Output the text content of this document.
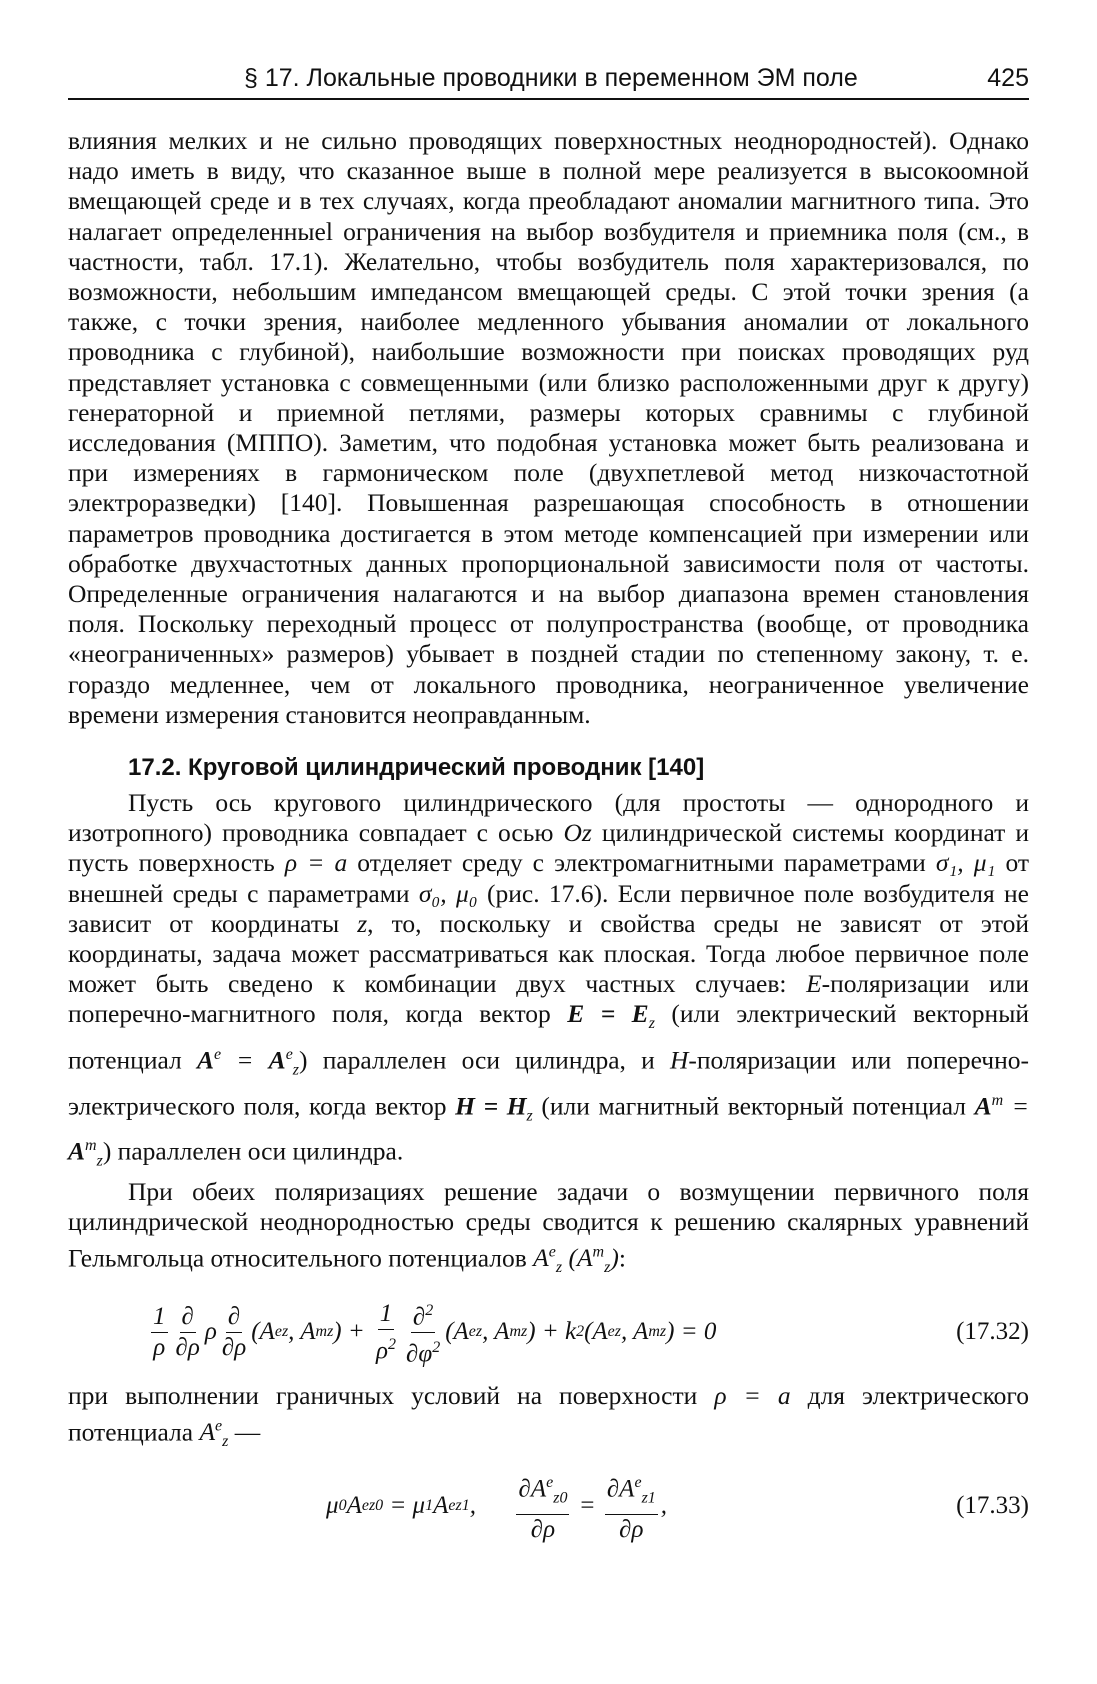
§ 17. Локальные проводники в переменном ЭМ поле	425

влияния мелких и не сильно проводящих поверхностных неоднородностей). Однако надо иметь в виду, что сказанное выше в полной мере реализуется в высокоомной вмещающей среде и в тех случаях, когда преобладают аномалии магнитного типа. Это налагает определенныеl ограничения на выбор возбудителя и приемника поля (см., в частности, табл. 17.1). Желательно, чтобы возбудитель поля характеризовался, по возможности, небольшим импедансом вмещающей среды. С этой точки зрения (а также, с точки зрения, наиболее медленного убывания аномалии от локального проводника с глубиной), наибольшие возможности при поисках проводящих руд представляет установка с совмещенными (или близко расположенными друг к другу) генераторной и приемной петлями, размеры которых сравнимы с глубиной исследования (МППО). Заметим, что подобная установка может быть реализована и при измерениях в гармоническом поле (двухпетлевой метод низкочастотной электроразведки) [140]. Повышенная разрешающая способность в отношении параметров проводника достигается в этом методе компенсацией при измерении или обработке двухчастотных данных пропорциональной зависимости поля от частоты. Определенные ограничения налагаются и на выбор диапазона времен становления поля. Поскольку переходный процесс от полупространства (вообще, от проводника «неограниченных» размеров) убывает в поздней стадии по степенному закону, т. е. гораздо медленнее, чем от локального проводника, неограниченное увеличение времени измерения становится неоправданным.

17.2. Круговой цилиндрический проводник [140]

Пусть ось кругового цилиндрического (для простоты — однородного и изотропного) проводника совпадает с осью Oz цилиндрической системы координат и пусть поверхность ρ = a отделяет среду с электромагнитными параметрами σ₁, μ₁ от внешней среды с параметрами σ₀, μ₀ (рис. 17.6). Если первичное поле возбудителя не зависит от координаты z, то, поскольку и свойства среды не зависят от этой координаты, задача может рассматриваться как плоская. Тогда любое первичное поле может быть сведено к комбинации двух частных случаев: E-поляризации или поперечно-магнитного поля, когда вектор $E = E_z$ (или электрический векторный потенциал $A^e = A^e_z$) параллелен оси цилиндра, и H-поляризации или поперечно-электрического поля, когда вектор $H = H_z$ (или магнитный векторный потенциал $A^m = A^m_z$) параллелен оси цилиндра.

При обеих поляризациях решение задачи о возмущении первичного поля цилиндрической неоднородностью среды сводится к решению скалярных уравнений Гельмгольца относительного потенциалов $A^e_z$ $(A^m_z)$:

$\frac{1}{\rho} \frac{\partial}{\partial\rho}$ ρ $\frac{\partial}{\partial\rho} (A$ e z , A m z ) + $\frac{1}{\rho^2} \frac{\partial^2}{\partial\varphi^2} (A$ e z , A m z ) + k 2 (A e z , A m z ) = 0	(17.32)

при выполнении граничных условий на поверхности ρ = a для электрического потенциала $A^e_z$ —

μ 0 A e z0 = μ 1 A e z1 , $\frac{\partial A^e_{z0}}{\partial\rho} = \frac{\partial A^e_{z1}}{\partial\rho}$ ,	(17.33)
